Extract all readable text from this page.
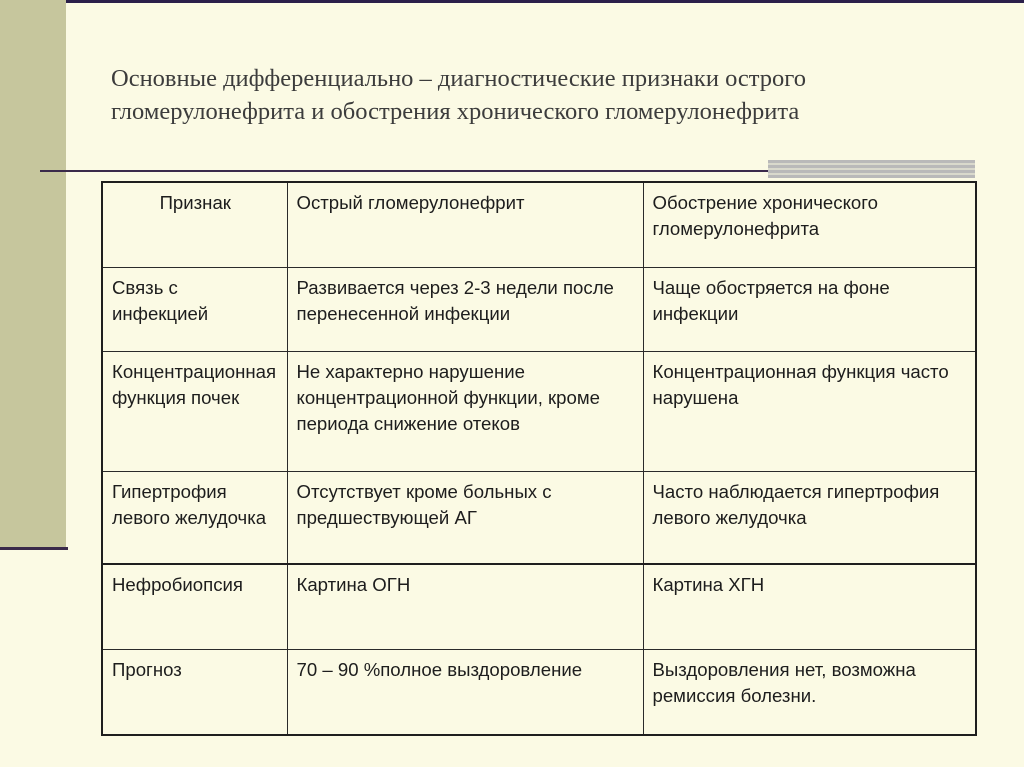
Основные дифференциально – диагностические признаки острого
гломерулонефрита и обострения хронического гломерулонефрита
Признак	Острый гломерулонефрит	Обострение хронического гломерулонефрита
Связь с инфекцией	Развивается через 2-3 недели после перенесенной инфекции	Чаще обостряется на фоне инфекции
Концентрационная функция почек	Не характерно нарушение концентрационной функции, кроме периода снижение отеков	Концентрационная функция часто нарушена
Гипертрофия левого желудочка	Отсутствует кроме больных с предшествующей АГ	Часто наблюдается гипертрофия левого желудочка
Нефробиопсия	Картина ОГН	Картина ХГН
Прогноз	70 – 90 %полное выздоровление	Выздоровления нет, возможна ремиссия болезни.
